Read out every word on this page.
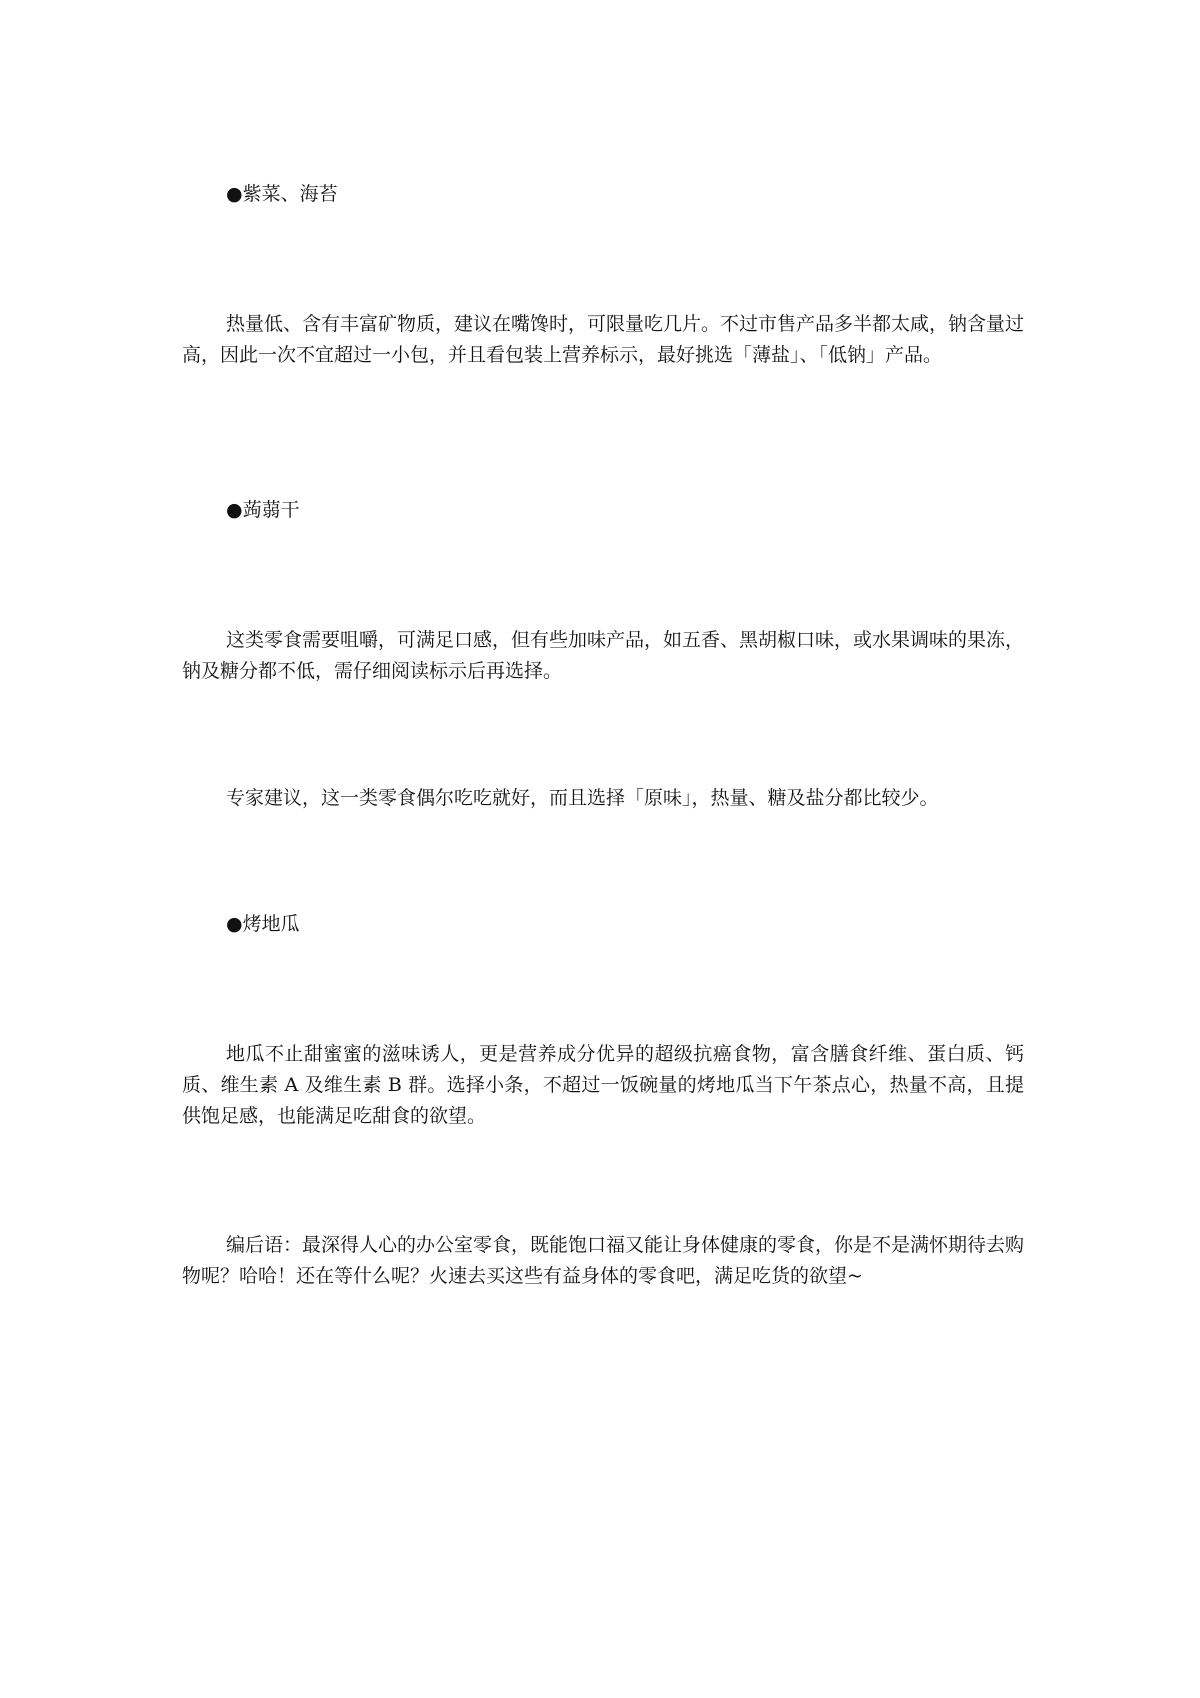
●紫菜、海苔

热量低、含有丰富矿物质，建议在嘴馋时，可限量吃几片。不过市售产品多半都太咸，钠含量过高，因此一次不宜超过一小包，并且看包装上营养标示，最好挑选「薄盐」、「低钠」产品。

●蒟蒻干

这类零食需要咀嚼，可满足口感，但有些加味产品，如五香、黑胡椒口味，或水果调味的果冻，钠及糖分都不低，需仔细阅读标示后再选择。

专家建议，这一类零食偶尔吃吃就好，而且选择「原味」，热量、糖及盐分都比较少。

●烤地瓜

地瓜不止甜蜜蜜的滋味诱人，更是营养成分优异的超级抗癌食物，富含膳食纤维、蛋白质、钙质、维生素 A 及维生素 B 群。选择小条，不超过一饭碗量的烤地瓜当下午茶点心，热量不高，且提供饱足感，也能满足吃甜食的欲望。

编后语：最深得人心的办公室零食，既能饱口福又能让身体健康的零食，你是不是满怀期待去购物呢？哈哈！还在等什么呢？火速去买这些有益身体的零食吧，满足吃货的欲望~
